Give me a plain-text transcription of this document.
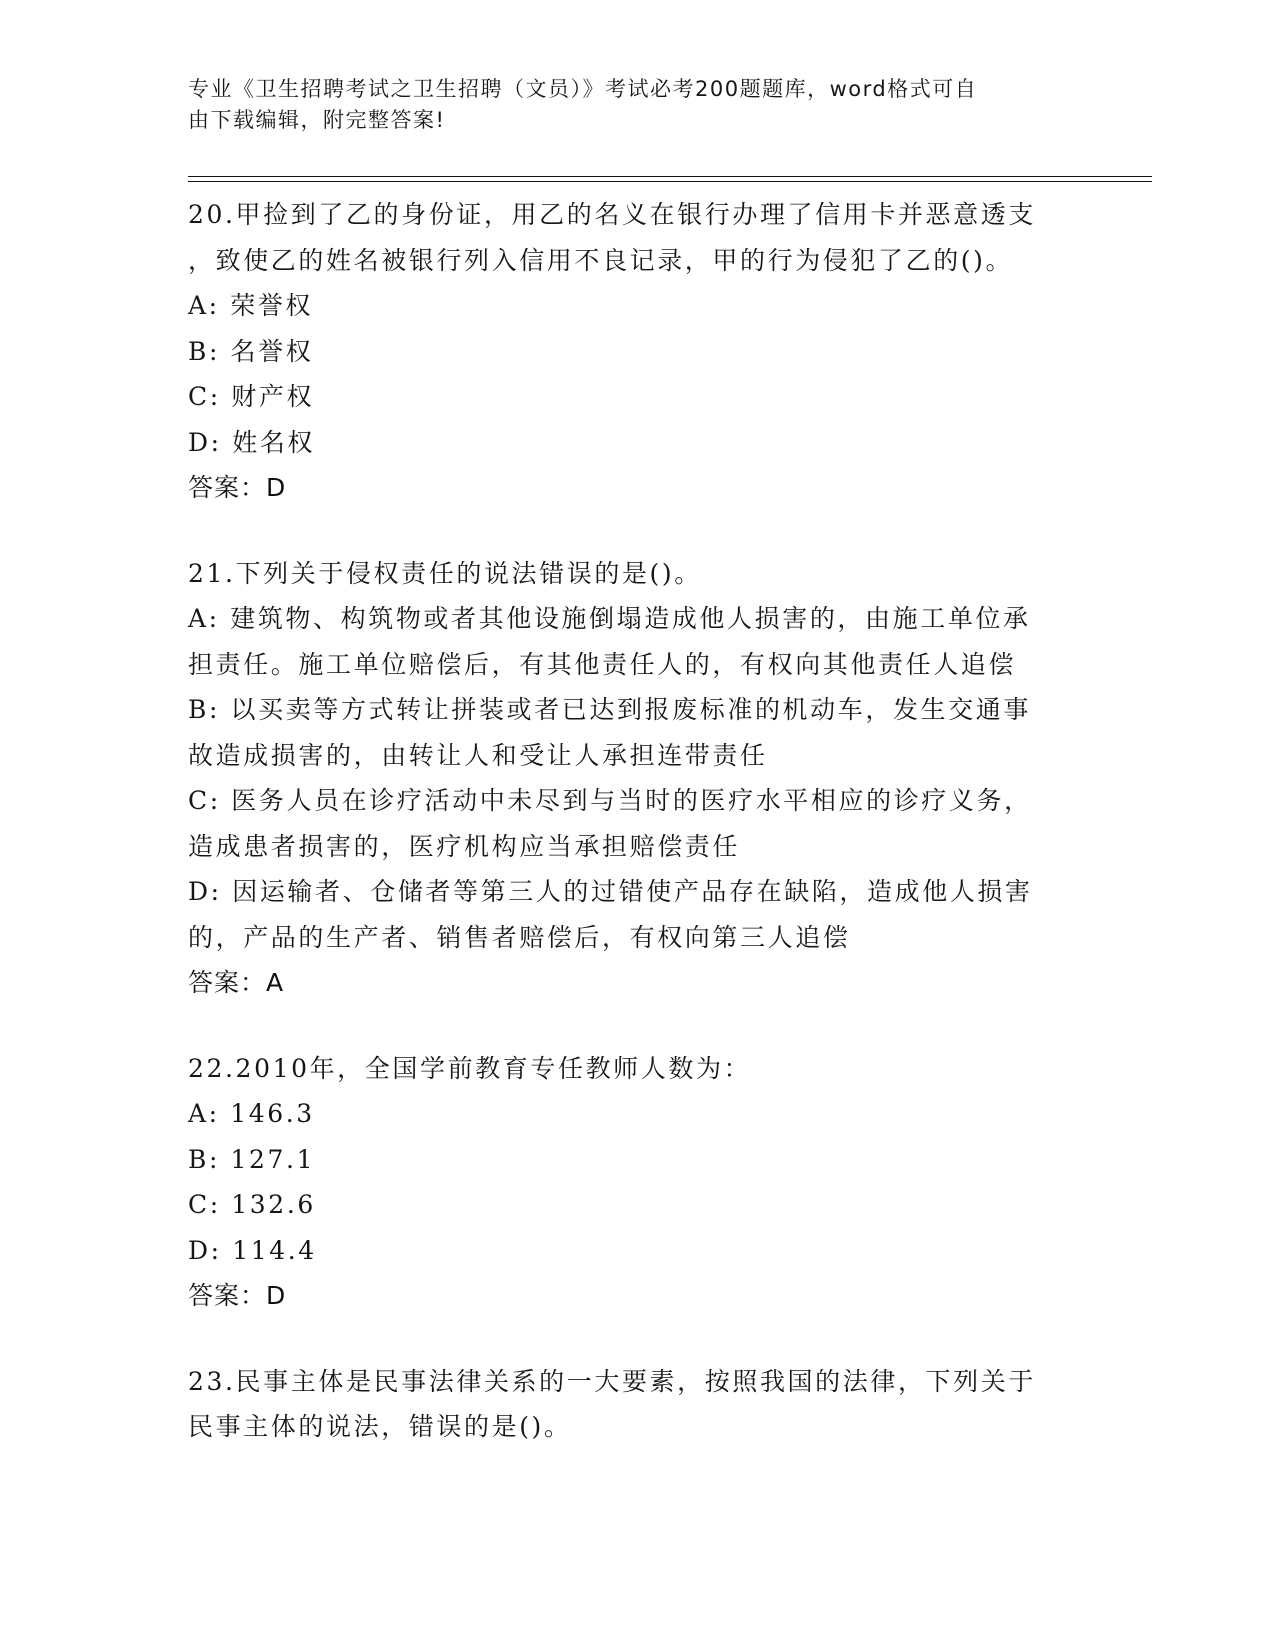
专业《卫生招聘考试之卫生招聘（文员）》考试必考200题题库，word格式可自
由下载编辑，附完整答案!
20.甲捡到了乙的身份证，用乙的名义在银行办理了信用卡并恶意透支
，致使乙的姓名被银行列入信用不良记录，甲的行为侵犯了乙的()。
A: 荣誉权
B: 名誉权
C: 财产权
D: 姓名权
答案：D
21.下列关于侵权责任的说法错误的是()。
A: 建筑物、构筑物或者其他设施倒塌造成他人损害的，由施工单位承
担责任。施工单位赔偿后，有其他责任人的，有权向其他责任人追偿
B: 以买卖等方式转让拼装或者已达到报废标准的机动车，发生交通事
故造成损害的，由转让人和受让人承担连带责任
C: 医务人员在诊疗活动中未尽到与当时的医疗水平相应的诊疗义务，
造成患者损害的，医疗机构应当承担赔偿责任
D: 因运输者、仓储者等第三人的过错使产品存在缺陷，造成他人损害
的，产品的生产者、销售者赔偿后，有权向第三人追偿
答案：A
22.2010年，全国学前教育专任教师人数为：
A: 146.3
B: 127.1
C: 132.6
D: 114.4
答案：D
23.民事主体是民事法律关系的一大要素，按照我国的法律，下列关于
民事主体的说法，错误的是()。
